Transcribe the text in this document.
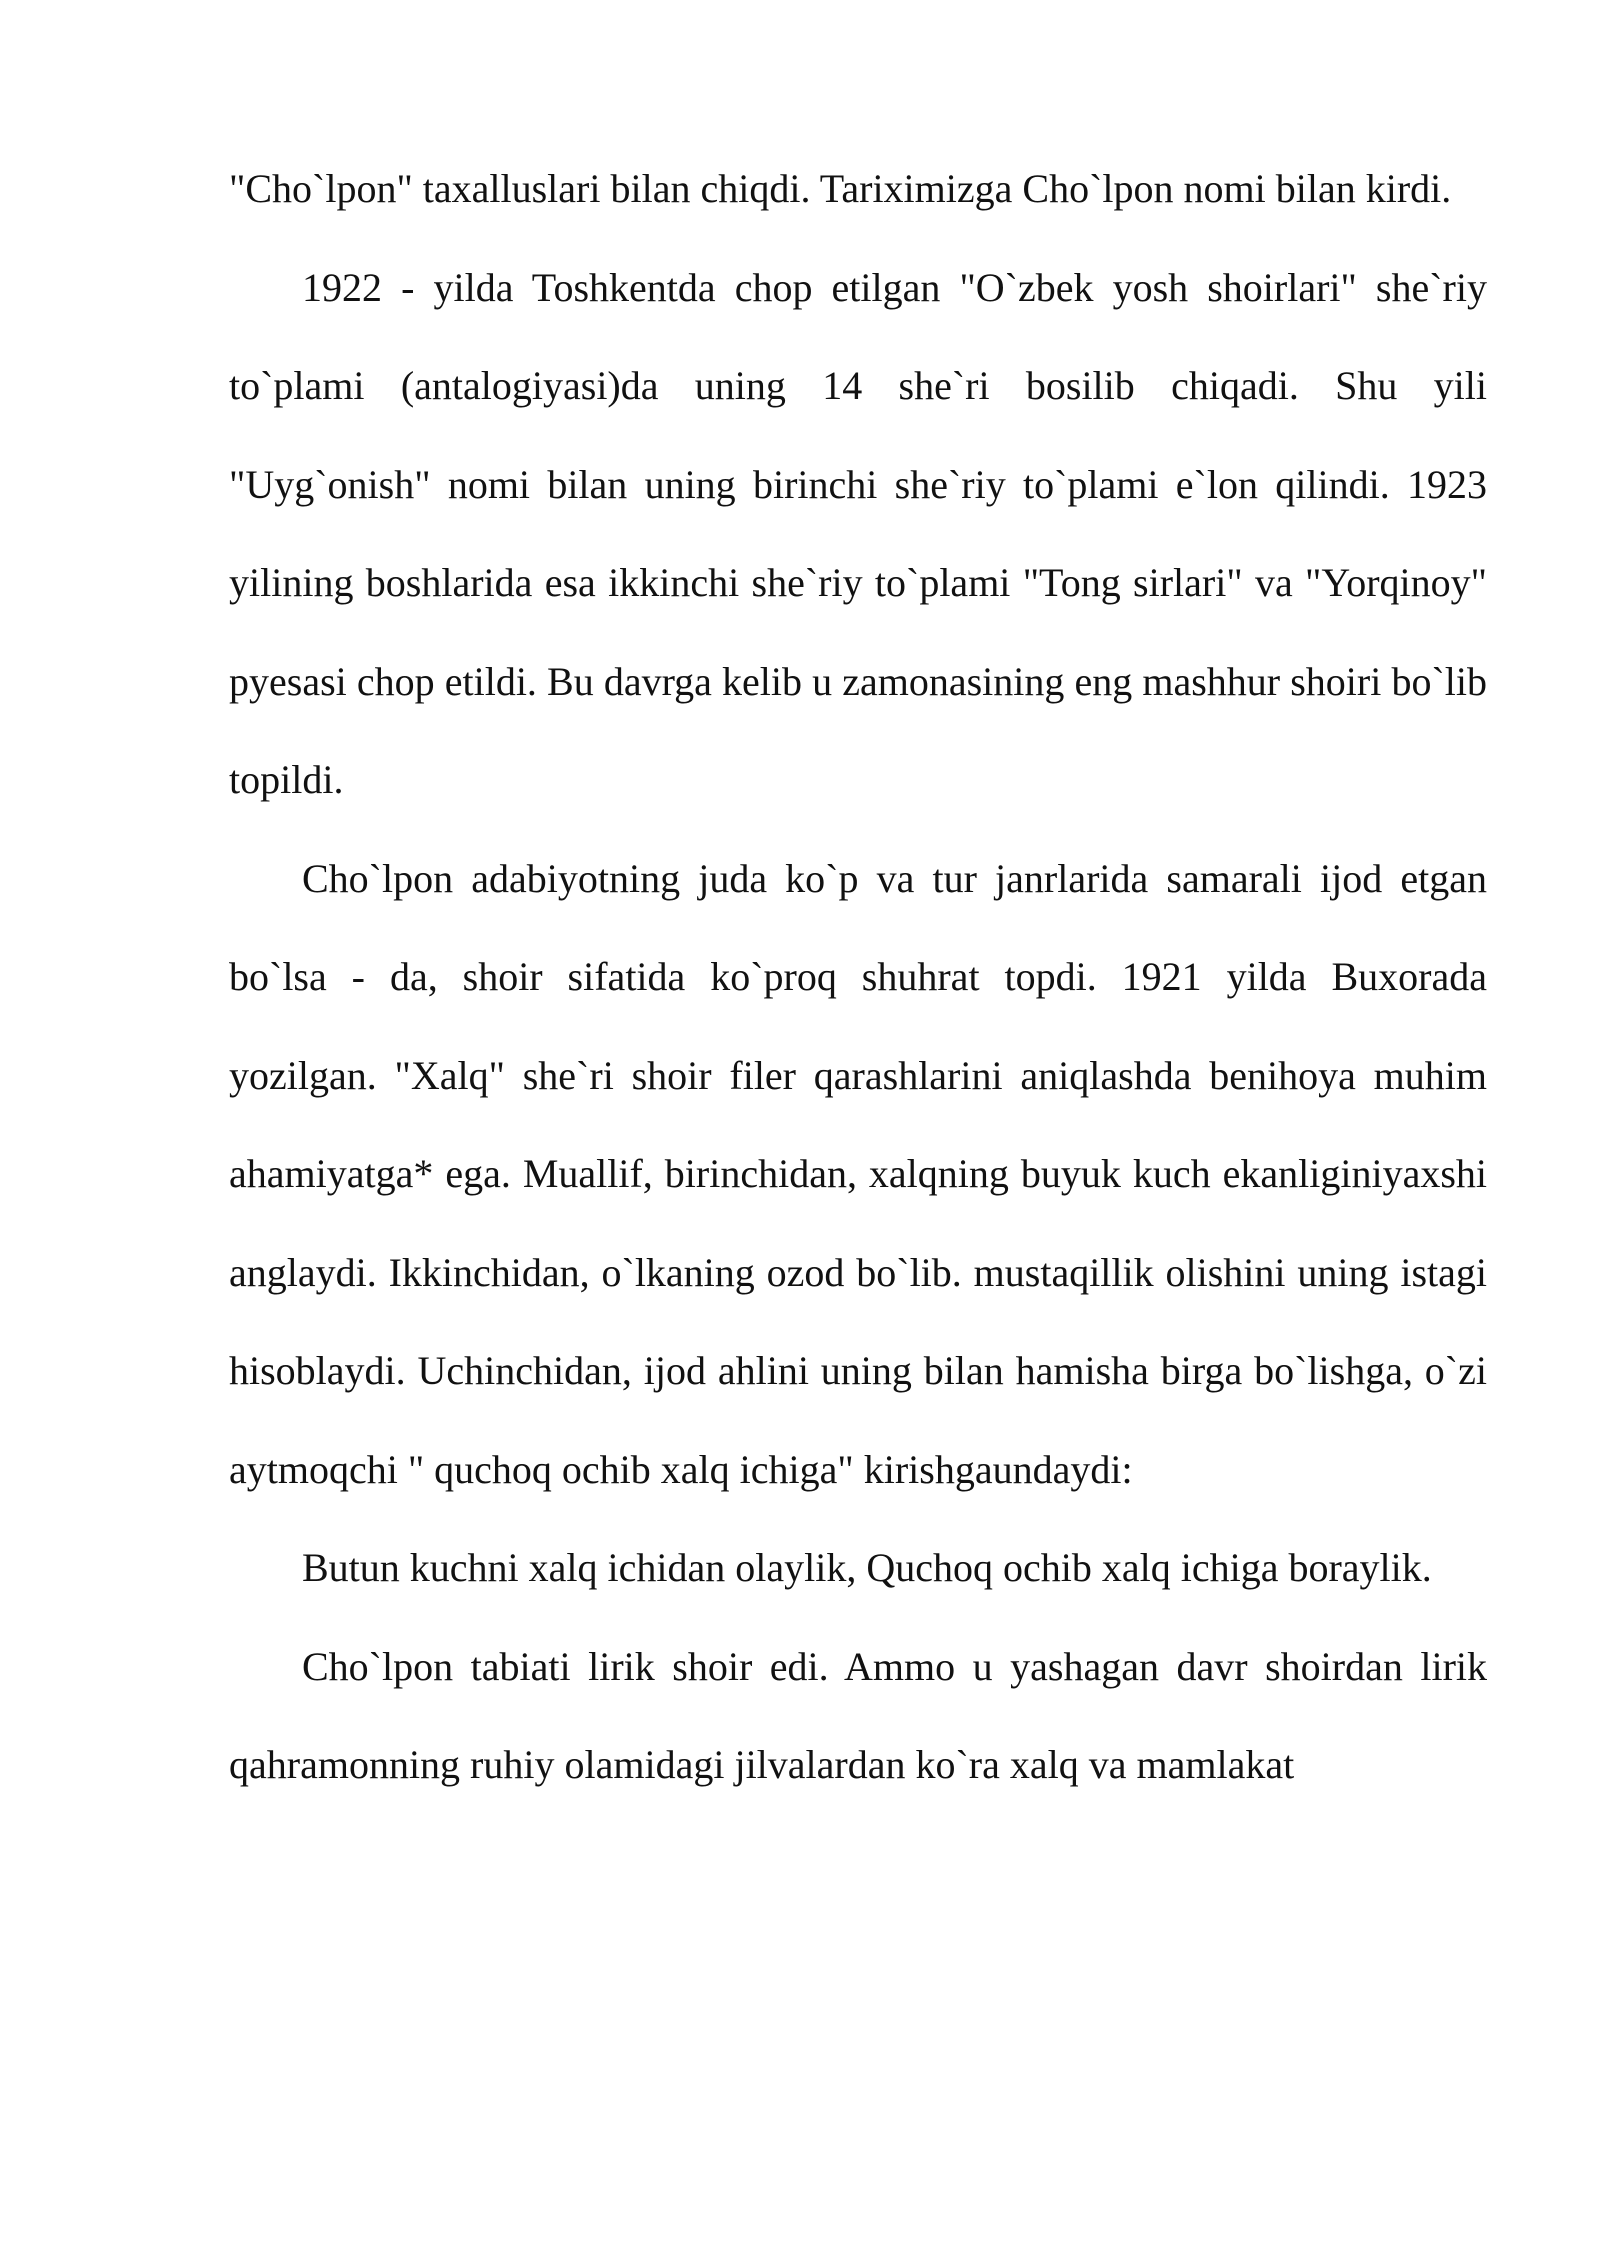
"Cho`lpon" taxalluslari bilan chiqdi. Tariximizga Cho`lpon nomi bilan kirdi.

1922 - yilda Toshkentda chop etilgan "O`zbek yosh shoirlari" she`riy to`plami (antalogiyasi)da uning 14 she`ri bosilib chiqadi. Shu yili "Uyg`onish" nomi bilan uning birinchi she`riy to`plami e`lon qilindi. 1923 yilining boshlarida esa ikkinchi she`riy to`plami "Tong sirlari" va "Yorqinoy" pyesasi chop etildi. Bu davrga kelib u zamonasining eng mashhur shoiri bo`lib topildi.

Cho`lpon adabiyotning juda ko`p va tur janrlarida samarali ijod etgan bo`lsa - da, shoir sifatida ko`proq shuhrat topdi. 1921 yilda Buxorada yozilgan. "Xalq" she`ri shoir filer qarashlarini aniqlashda benihoya muhim ahamiyatga* ega. Muallif, birinchidan, xalqning buyuk kuch ekanliginiyaxshi anglaydi. Ikkinchidan, o`lkaning ozod bo`lib. mustaqillik olishini uning istagi hisoblaydi. Uchinchidan, ijod ahlini uning bilan hamisha birga bo`lishga, o`zi aytmoqchi " quchoq ochib xalq ichiga" kirishgaundaydi:

Butun kuchni xalq ichidan olaylik, Quchoq ochib xalq ichiga boraylik.

Cho`lpon tabiati lirik shoir edi. Ammo u yashagan davr shoirdan lirik qahramonning ruhiy olamidagi jilvalardan ko`ra xalq va mamlakat
